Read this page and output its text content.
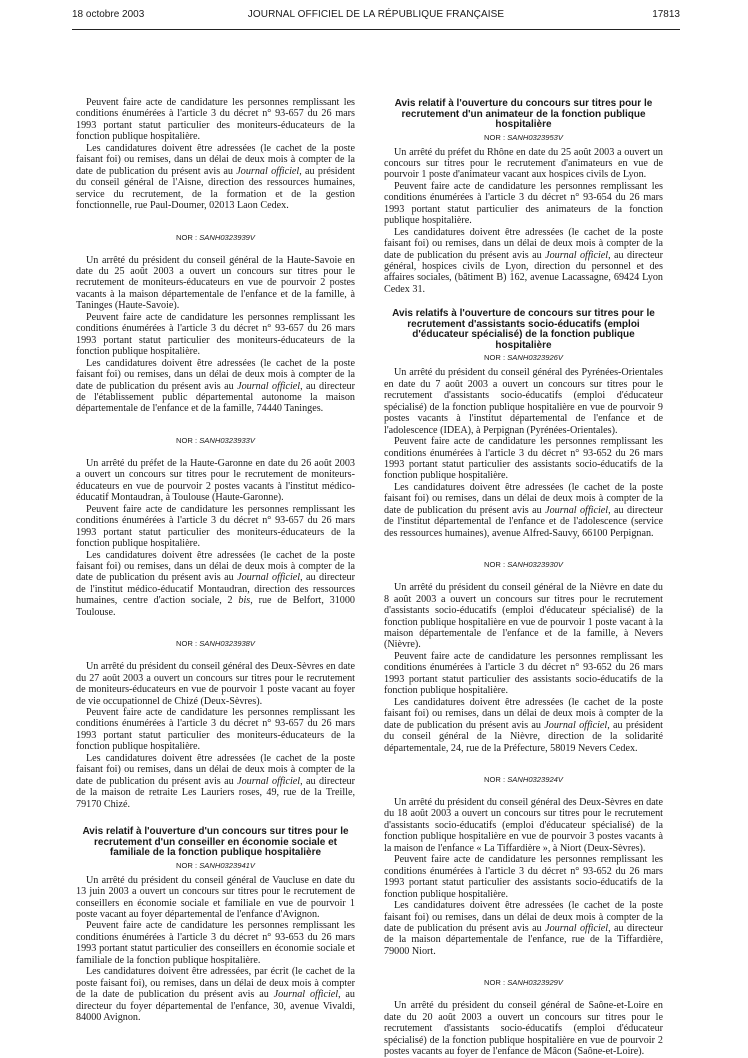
18 octobre 2003	JOURNAL OFFICIEL DE LA RÉPUBLIQUE FRANÇAISE	17813

Peuvent faire acte de candidature les personnes remplissant les conditions énumérées à l'article 3 du décret n° 93-657 du 26 mars 1993 portant statut particulier des moniteurs-éducateurs de la fonction publique hospitalière.

Les candidatures doivent être adressées (le cachet de la poste faisant foi) ou remises, dans un délai de deux mois à compter de la date de publication du présent avis au Journal officiel, au président du conseil général de l'Aisne, direction des ressources humaines, service du recrutement, de la formation et de la gestion fonctionnelle, rue Paul-Doumer, 02013 Laon Cedex.

NOR : SANH0323939V

Un arrêté du président du conseil général de la Haute-Savoie en date du 25 août 2003 a ouvert un concours sur titres pour le recrutement de moniteurs-éducateurs en vue de pourvoir 2 postes vacants à la maison départementale de l'enfance et de la famille, à Taninges (Haute-Savoie).

Peuvent faire acte de candidature les personnes remplissant les conditions énumérées à l'article 3 du décret n° 93-657 du 26 mars 1993 portant statut particulier des moniteurs-éducateurs de la fonction publique hospitalière.

Les candidatures doivent être adressées (le cachet de la poste faisant foi) ou remises, dans un délai de deux mois à compter de la date de publication du présent avis au Journal officiel, au directeur de l'établissement public départemental autonome la maison départementale de l'enfance et de la famille, 74440 Taninges.

NOR : SANH0323933V

Un arrêté du préfet de la Haute-Garonne en date du 26 août 2003 a ouvert un concours sur titres pour le recrutement de moniteurs-éducateurs en vue de pourvoir 2 postes vacants à l'institut médico-éducatif Montaudran, à Toulouse (Haute-Garonne).

Peuvent faire acte de candidature les personnes remplissant les conditions énumérées à l'article 3 du décret n° 93-657 du 26 mars 1993 portant statut particulier des moniteurs-éducateurs de la fonction publique hospitalière.

Les candidatures doivent être adressées (le cachet de la poste faisant foi) ou remises, dans un délai de deux mois à compter de la date de publication du présent avis au Journal officiel, au directeur de l'institut médico-éducatif Montaudran, direction des ressources humaines, centre d'action sociale, 2 bis, rue de Belfort, 31000 Toulouse.

NOR : SANH0323938V

Un arrêté du président du conseil général des Deux-Sèvres en date du 27 août 2003 a ouvert un concours sur titres pour le recrutement de moniteurs-éducateurs en vue de pourvoir 1 poste vacant au foyer de vie occupationnel de Chizé (Deux-Sèvres).

Peuvent faire acte de candidature les personnes remplissant les conditions énumérées à l'article 3 du décret n° 93-657 du 26 mars 1993 portant statut particulier des moniteurs-éducateurs de la fonction publique hospitalière.

Les candidatures doivent être adressées (le cachet de la poste faisant foi) ou remises, dans un délai de deux mois à compter de la date de publication du présent avis au Journal officiel, au directeur de la maison de retraite Les Lauriers roses, 49, rue de la Treille, 79170 Chizé.

Avis relatif à l'ouverture d'un concours sur titres pour le recrutement d'un conseiller en économie sociale et familiale de la fonction publique hospitalière

NOR : SANH0323941V

Un arrêté du président du conseil général de Vaucluse en date du 13 juin 2003 a ouvert un concours sur titres pour le recrutement de conseillers en économie sociale et familiale en vue de pourvoir 1 poste vacant au foyer départemental de l'enfance d'Avignon.

Peuvent faire acte de candidature les personnes remplissant les conditions énumérées à l'article 3 du décret n° 93-653 du 26 mars 1993 portant statut particulier des conseillers en économie sociale et familiale de la fonction publique hospitalière.

Les candidatures doivent être adressées, par écrit (le cachet de la poste faisant foi), ou remises, dans un délai de deux mois à compter de la date de publication du présent avis au Journal officiel, au directeur du foyer départemental de l'enfance, 30, avenue Vivaldi, 84000 Avignon.

Avis relatif à l'ouverture du concours sur titres pour le recrutement d'un animateur de la fonction publique hospitalière

NOR : SANH0323953V

Un arrêté du préfet du Rhône en date du 25 août 2003 a ouvert un concours sur titres pour le recrutement d'animateurs en vue de pourvoir 1 poste d'animateur vacant aux hospices civils de Lyon.

Peuvent faire acte de candidature les personnes remplissant les conditions énumérées à l'article 3 du décret n° 93-654 du 26 mars 1993 portant statut particulier des animateurs de la fonction publique hospitalière.

Les candidatures doivent être adressées (le cachet de la poste faisant foi) ou remises, dans un délai de deux mois à compter de la date de publication du présent avis au Journal officiel, au directeur général, hospices civils de Lyon, direction du personnel et des affaires sociales, (bâtiment B) 162, avenue Lacassagne, 69424 Lyon Cedex 31.

Avis relatifs à l'ouverture de concours sur titres pour le recrutement d'assistants socio-éducatifs (emploi d'éducateur spécialisé) de la fonction publique hospitalière

NOR : SANH0323926V

Un arrêté du président du conseil général des Pyrénées-Orientales en date du 7 août 2003 a ouvert un concours sur titres pour le recrutement d'assistants socio-éducatifs (emploi d'éducateur spécialisé) de la fonction publique hospitalière en vue de pourvoir 9 postes vacants à l'institut départemental de l'enfance et de l'adolescence (IDEA), à Perpignan (Pyrénées-Orientales).

Peuvent faire acte de candidature les personnes remplissant les conditions énumérées à l'article 3 du décret n° 93-652 du 26 mars 1993 portant statut particulier des assistants socio-éducatifs de la fonction publique hospitalière.

Les candidatures doivent être adressées (le cachet de la poste faisant foi) ou remises, dans un délai de deux mois à compter de la date de publication du présent avis au Journal officiel, au directeur de l'institut départemental de l'enfance et de l'adolescence (service des ressources humaines), avenue Alfred-Sauvy, 66100 Perpignan.

NOR : SANH0323930V

Un arrêté du président du conseil général de la Nièvre en date du 8 août 2003 a ouvert un concours sur titres pour le recrutement d'assistants socio-éducatifs (emploi d'éducateur spécialisé) de la fonction publique hospitalière en vue de pourvoir 1 poste vacant à la maison départementale de l'enfance et de la famille, à Nevers (Nièvre).

Peuvent faire acte de candidature les personnes remplissant les conditions énumérées à l'article 3 du décret n° 93-652 du 26 mars 1993 portant statut particulier des assistants socio-éducatifs de la fonction publique hospitalière.

Les candidatures doivent être adressées (le cachet de la poste faisant foi) ou remises, dans un délai de deux mois à compter de la date de publication du présent avis au Journal officiel, au président du conseil général de la Nièvre, direction de la solidarité départementale, 24, rue de la Préfecture, 58019 Nevers Cedex.

NOR : SANH0323924V

Un arrêté du président du conseil général des Deux-Sèvres en date du 18 août 2003 a ouvert un concours sur titres pour le recrutement d'assistants socio-éducatifs (emploi d'éducateur spécialisé) de la fonction publique hospitalière en vue de pourvoir 3 postes vacants à la maison de l'enfance « La Tiffardière », à Niort (Deux-Sèvres).

Peuvent faire acte de candidature les personnes remplissant les conditions énumérées à l'article 3 du décret n° 93-652 du 26 mars 1993 portant statut particulier des assistants socio-éducatifs de la fonction publique hospitalière.

Les candidatures doivent être adressées (le cachet de la poste faisant foi) ou remises, dans un délai de deux mois à compter de la date de publication du présent avis au Journal officiel, au directeur de la maison départementale de l'enfance, rue de la Tiffardière, 79000 Niort.

NOR : SANH0323929V

Un arrêté du président du conseil général de Saône-et-Loire en date du 20 août 2003 a ouvert un concours sur titres pour le recrutement d'assistants socio-éducatifs (emploi d'éducateur spécialisé) de la fonction publique hospitalière en vue de pourvoir 2 postes vacants au foyer de l'enfance de Mâcon (Saône-et-Loire).
